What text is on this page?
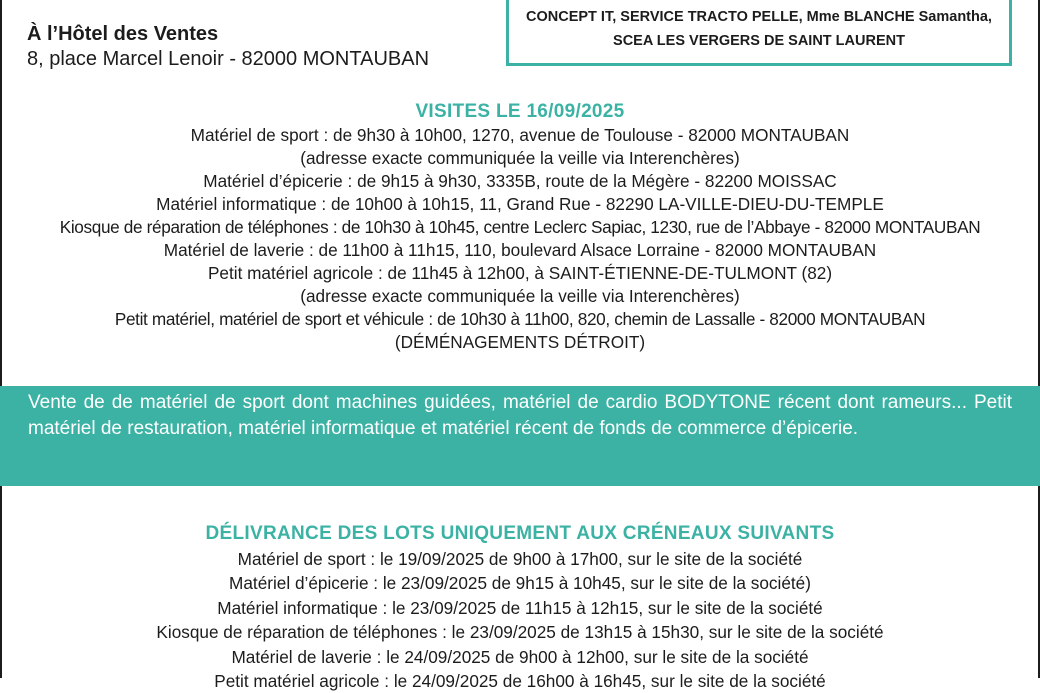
À l’Hôtel des Ventes
8, place Marcel Lenoir - 82000 MONTAUBAN
CONCEPT IT, SERVICE TRACTO PELLE, Mme BLANCHE Samantha,
SCEA LES VERGERS DE SAINT LAURENT
VISITES LE 16/09/2025
Matériel de sport : de 9h30 à 10h00, 1270, avenue de Toulouse - 82000 MONTAUBAN
(adresse exacte communiquée la veille via Interenchères)
Matériel d’épicerie : de 9h15 à 9h30, 3335B, route de la Mégère - 82200 MOISSAC
Matériel informatique : de 10h00 à 10h15, 11, Grand Rue - 82290 LA-VILLE-DIEU-DU-TEMPLE
Kiosque de réparation de téléphones : de 10h30 à 10h45, centre Leclerc Sapiac, 1230, rue de l’Abbaye - 82000 MONTAUBAN
Matériel de laverie : de 11h00 à 11h15, 110, boulevard Alsace Lorraine - 82000 MONTAUBAN
Petit matériel agricole : de 11h45 à 12h00, à SAINT-ÉTIENNE-DE-TULMONT (82)
(adresse exacte communiquée la veille via Interenchères)
Petit matériel, matériel de sport et véhicule : de 10h30 à 11h00, 820, chemin de Lassalle - 82000 MONTAUBAN
(DÉMÉNAGEMENTS DÉTROIT)
Vente de de matériel de sport dont machines guidées, matériel de cardio BODYTONE récent dont rameurs... Petit matériel de restauration, matériel informatique et matériel récent de fonds de commerce d’épicerie.
DÉLIVRANCE DES LOTS UNIQUEMENT AUX CRÉNEAUX SUIVANTS
Matériel de sport : le 19/09/2025 de 9h00 à 17h00, sur le site de la société
Matériel d’épicerie : le 23/09/2025 de 9h15 à 10h45, sur le site de la société)
Matériel informatique : le 23/09/2025 de 11h15 à 12h15, sur le site de la société
Kiosque de réparation de téléphones : le 23/09/2025 de 13h15 à 15h30, sur le site de la société
Matériel de laverie : le 24/09/2025 de 9h00 à 12h00, sur le site de la société
Petit matériel agricole : le 24/09/2025 de 16h00 à 16h45, sur le site de la société
